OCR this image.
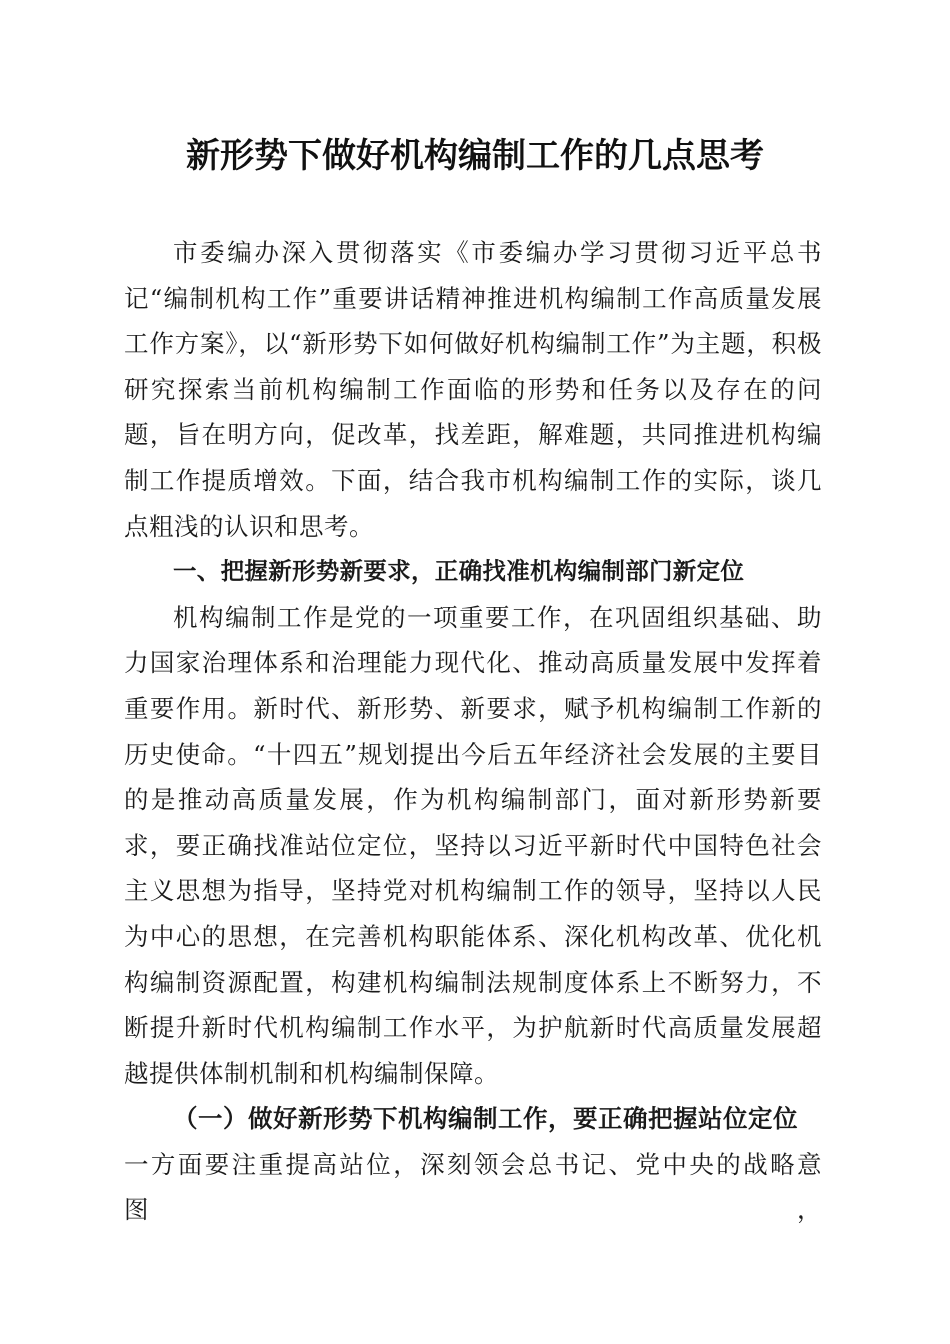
新形势下做好机构编制工作的几点思考

市委编办深入贯彻落实《市委编办学习贯彻习近平总书记“编制机构工作”重要讲话精神推进机构编制工作高质量发展工作方案》，以“新形势下如何做好机构编制工作”为主题，积极研究探索当前机构编制工作面临的形势和任务以及存在的问题，旨在明方向，促改革，找差距，解难题，共同推进机构编制工作提质增效。下面，结合我市机构编制工作的实际，谈几点粗浅的认识和思考。

一、把握新形势新要求，正确找准机构编制部门新定位

机构编制工作是党的一项重要工作，在巩固组织基础、助力国家治理体系和治理能力现代化、推动高质量发展中发挥着重要作用。新时代、新形势、新要求，赋予机构编制工作新的历史使命。“十四五”规划提出今后五年经济社会发展的主要目的是推动高质量发展，作为机构编制部门，面对新形势新要求，要正确找准站位定位，坚持以习近平新时代中国特色社会主义思想为指导，坚持党对机构编制工作的领导，坚持以人民为中心的思想，在完善机构职能体系、深化机构改革、优化机构编制资源配置，构建机构编制法规制度体系上不断努力，不断提升新时代机构编制工作水平，为护航新时代高质量发展超越提供体制机制和机构编制保障。

（一）做好新形势下机构编制工作，要正确把握站位定位

一方面要注重提高站位，深刻领会总书记、党中央的战略意图，
